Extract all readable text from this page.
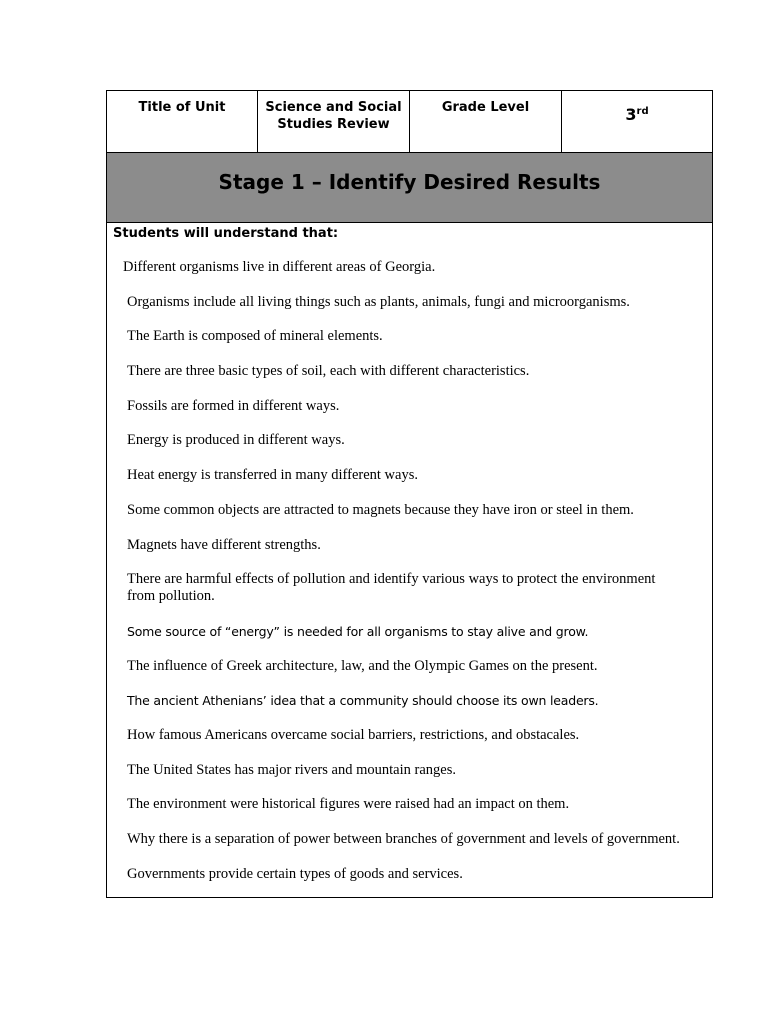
Title of Unit	Science and Social Studies Review
Grade Level	3rd
Stage 1 – Identify Desired Results
Students will understand that:
Different organisms live in different areas of Georgia.
Organisms include all living things such as plants, animals, fungi and microorganisms.
The Earth is composed of mineral elements.
There are three basic types of soil, each with different characteristics.
Fossils are formed in different ways.
Energy is produced in different ways.
Heat energy is transferred in many different ways.
Some common objects are attracted to magnets because they have iron or steel in them.
Magnets have different strengths.
There are harmful effects of pollution and identify various ways to protect the environment from pollution.
Some source of “energy” is needed for all organisms to stay alive and grow.
The influence of Greek architecture, law, and the Olympic Games on the present.
The ancient Athenians’ idea that a community should choose its own leaders.
How famous Americans overcame social barriers, restrictions, and obstacales.
The United States has major rivers and mountain ranges.
The environment were historical figures were raised had an impact on them.
Why there is a separation of power between branches of government and levels of government.
Governments provide certain types of goods and services.
